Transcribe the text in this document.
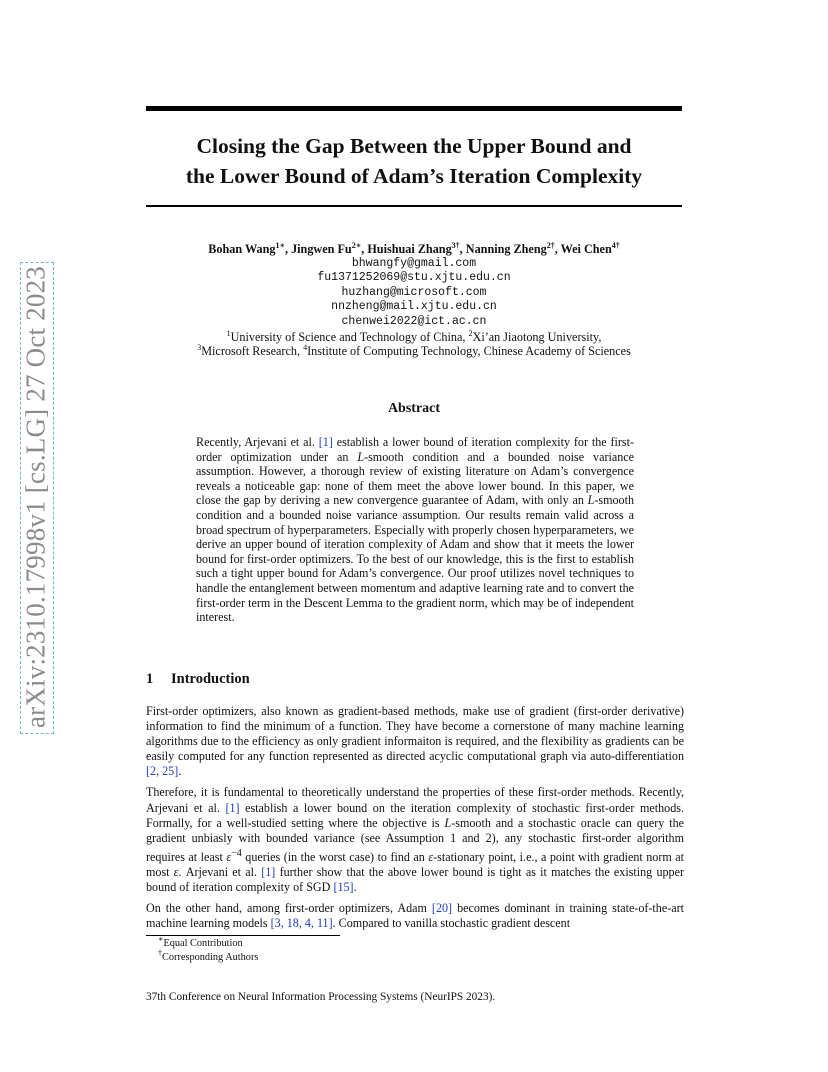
arXiv:2310.17998v1 [cs.LG] 27 Oct 2023
Closing the Gap Between the Upper Bound and
the Lower Bound of Adam’s Iteration Complexity
Bohan Wang$^{1∗}$, Jingwen $Fu^{2∗}$, Huishuai Zhang$^{3\dagger}$, Nanning Zheng$^{2\dagger}$, Wei Chen$^{4\dagger}$
bhwangfy@gmail.com
fu1371252069@stu.xjtu.edu.cn
huzhang@microsoft.com
nnzheng@mail.xjtu.edu.cn
chenwei2022@ict.ac.cn
$^1$University of Science and Technology of China, $^2$Xi’an Jiaotong University,
$^3$Microsoft Research, $^4$Institute of Computing Technology, Chinese Academy of Sciences
Abstract
Recently, Arjevani et al. [1] establish a lower bound of iteration complexity for the first-order optimization under an L-smooth condition and a bounded noise variance assumption. However, a thorough review of existing literature on Adam’s convergence reveals a noticeable gap: none of them meet the above lower bound. In this paper, we close the gap by deriving a new convergence guarantee of Adam, with only an L-smooth condition and a bounded noise variance assumption. Our results remain valid across a broad spectrum of hyperparameters. Especially with properly chosen hyperparameters, we derive an upper bound of iteration complexity of Adam and show that it meets the lower bound for first-order optimizers. To the best of our knowledge, this is the first to establish such a tight upper bound for Adam’s convergence. Our proof utilizes novel techniques to handle the entanglement between momentum and adaptive learning rate and to convert the first-order term in the Descent Lemma to the gradient norm, which may be of independent interest.
1 Introduction

First-order optimizers, also known as gradient-based methods, make use of gradient (first-order derivative) information to find the minimum of a function. They have become a cornerstone of many machine learning algorithms due to the efficiency as only gradient informaiton is required, and the flexibility as gradients can be easily computed for any function represented as directed acyclic computational graph via auto-differentiation [2, 25].

Therefore, it is fundamental to theoretically understand the properties of these first-order methods. Recently, Arjevani et al. [1] establish a lower bound on the iteration complexity of stochastic first-order methods. Formally, for a well-studied setting where the objective is L-smooth and a stochastic oracle can query the gradient unbiasly with bounded variance (see Assumption 1 and 2), any stochastic first-order algorithm requires at least $\varepsilon^{-4}$ queries (in the worst case) to find an ε-stationary point, i.e., a point with gradient norm at most ε. Arjevani et al. [1] further show that the above lower bound is tight as it matches the existing upper bound of iteration complexity of SGD [15].

On the other hand, among first-order optimizers, Adam [20] becomes dominant in training state-of-the-art machine learning models [3, 18, 4, 11]. Compared to vanilla stochastic gradient descent

∗Equal Contribution
†Corresponding Authors
37th Conference on Neural Information Processing Systems (NeurIPS 2023).
